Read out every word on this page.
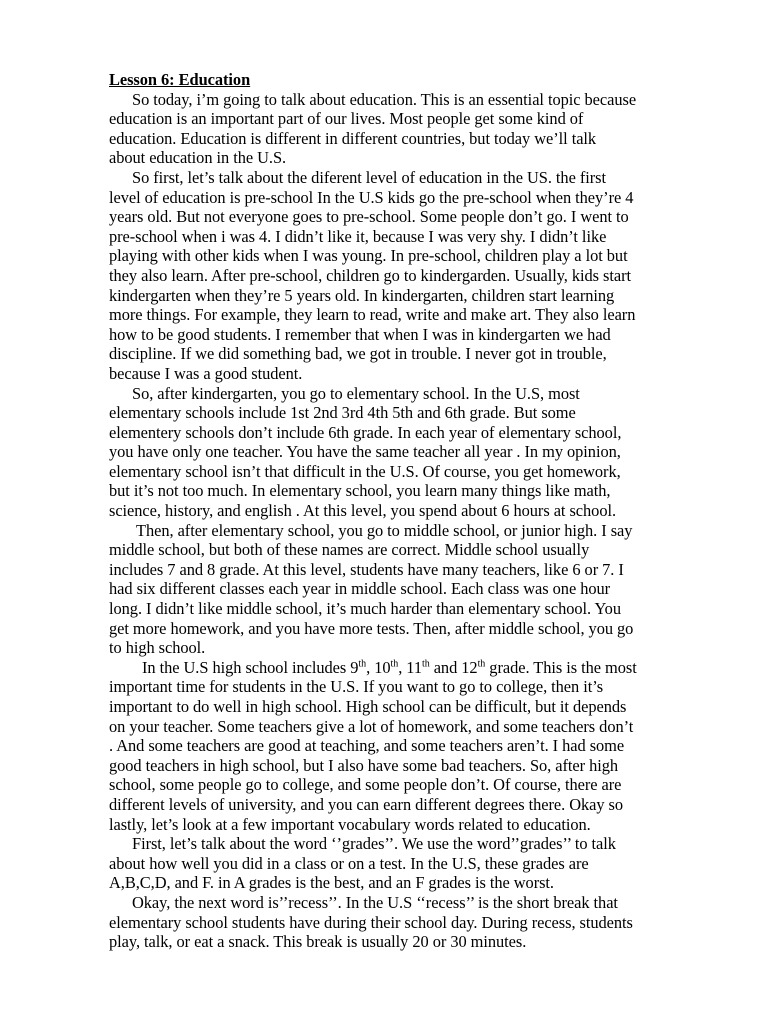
Lesson 6: Education

So today, i’m going to talk about education. This is an essential topic because
education is an important part of our lives. Most people get some kind of
education. Education is different in different countries, but today we’ll talk
about education in the U.S.

So first, let’s talk about the diferent level of education in the US. the first
level of education is pre-school In the U.S kids go the pre-school when they’re 4
years old. But not everyone goes to pre-school. Some people don’t go. I went to
pre-school when i was 4. I didn’t like it, because I was very shy. I didn’t like
playing with other kids when I was young. In pre-school, children play a lot but
they also learn. After pre-school, children go to kindergarden. Usually, kids start
kindergarten when they’re 5 years old. In kindergarten, children start learning
more things. For example, they learn to read, write and make art. They also learn
how to be good students. I remember that when I was in kindergarten we had
discipline. If we did something bad, we got in trouble. I never got in trouble,
because I was a good student.

So, after kindergarten, you go to elementary school. In the U.S, most
elementary schools include 1st 2nd 3rd 4th 5th and 6th grade. But some
elementery schools don’t include 6th grade. In each year of elementary school,
you have only one teacher. You have the same teacher all year . In my opinion,
elementary school isn’t that difficult in the U.S. Of course, you get homework,
but it’s not too much. In elementary school, you learn many things like math,
science, history, and english . At this level, you spend about 6 hours at school.

Then, after elementary school, you go to middle school, or junior high. I say
middle school, but both of these names are correct. Middle school usually
includes 7 and 8 grade. At this level, students have many teachers, like 6 or 7. I
had six different classes each year in middle school. Each class was one hour
long. I didn’t like middle school, it’s much harder than elementary school. You
get more homework, and you have more tests. Then, after middle school, you go
to high school.

In the U.S high school includes 9th, 10th, 11th and 12th grade. This is the most
important time for students in the U.S. If you want to go to college, then it’s
important to do well in high school. High school can be difficult, but it depends
on your teacher. Some teachers give a lot of homework, and some teachers don’t
. And some teachers are good at teaching, and some teachers aren’t. I had some
good teachers in high school, but I also have some bad teachers. So, after high
school, some people go to college, and some people don’t. Of course, there are
different levels of university, and you can earn different degrees there. Okay so
lastly, let’s look at a few important vocabulary words related to education.

First, let’s talk about the word ‘’grades’’. We use the word’’grades’’ to talk
about how well you did in a class or on a test. In the U.S, these grades are
A,B,C,D, and F. in A grades is the best, and an F grades is the worst.

Okay, the next word is’’recess’’. In the U.S ‘‘recess’’ is the short break that
elementary school students have during their school day. During recess, students
play, talk, or eat a snack. This break is usually 20 or 30 minutes.
